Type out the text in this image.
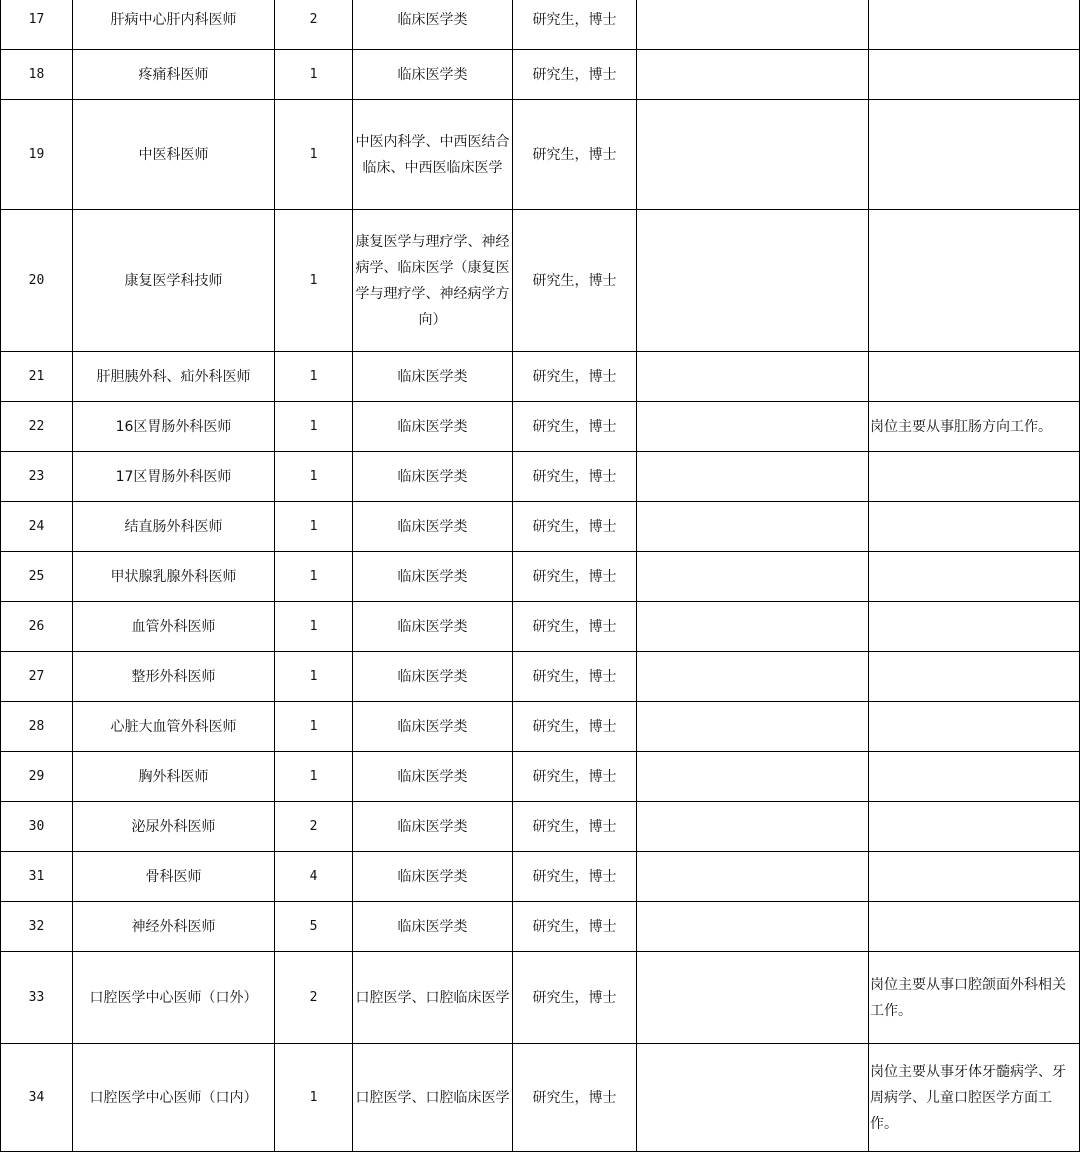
17	肝病中心肝内科医师	2	临床医学类	研究生，博士		
18	疼痛科医师	1	临床医学类	研究生，博士		
19	中医科医师	1	中医内科学、中西医结合临床、中西医临床医学	研究生，博士		
20	康复医学科技师	1	康复医学与理疗学、神经病学、临床医学（康复医学与理疗学、神经病学方向）	研究生，博士		
21	肝胆胰外科、疝外科医师	1	临床医学类	研究生，博士		
22	16区胃肠外科医师	1	临床医学类	研究生，博士		岗位主要从事肛肠方向工作。
23	17区胃肠外科医师	1	临床医学类	研究生，博士		
24	结直肠外科医师	1	临床医学类	研究生，博士		
25	甲状腺乳腺外科医师	1	临床医学类	研究生，博士		
26	血管外科医师	1	临床医学类	研究生，博士		
27	整形外科医师	1	临床医学类	研究生，博士		
28	心脏大血管外科医师	1	临床医学类	研究生，博士		
29	胸外科医师	1	临床医学类	研究生，博士		
30	泌尿外科医师	2	临床医学类	研究生，博士		
31	骨科医师	4	临床医学类	研究生，博士		
32	神经外科医师	5	临床医学类	研究生，博士		
33	口腔医学中心医师（口外）	2	口腔医学、口腔临床医学	研究生，博士		岗位主要从事口腔颌面外科相关工作。
34	口腔医学中心医师（口内）	1	口腔医学、口腔临床医学	研究生，博士		岗位主要从事牙体牙髓病学、牙周病学、儿童口腔医学方面工作。
